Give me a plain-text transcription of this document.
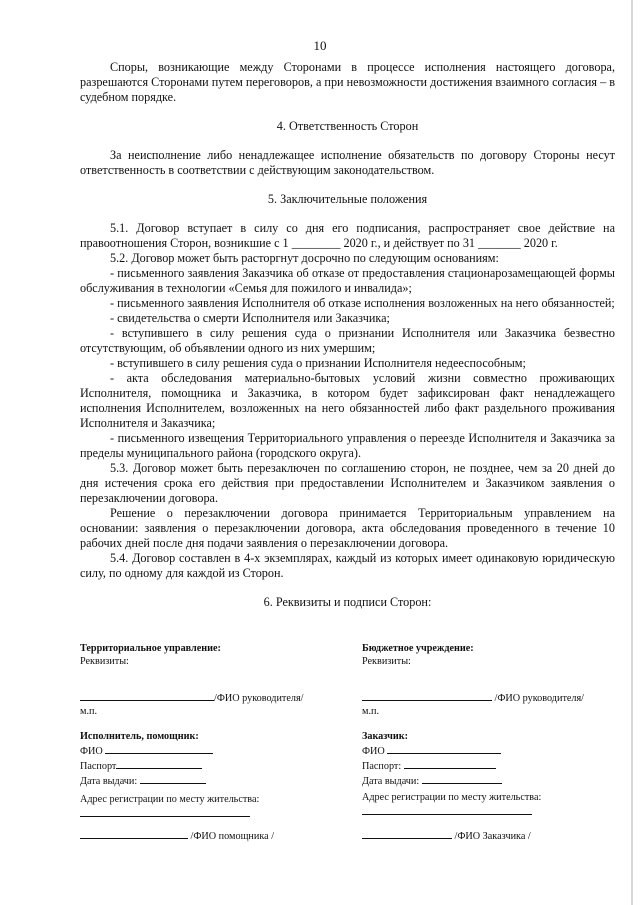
10

Споры, возникающие между Сторонами в процессе исполнения настоящего договора, разрешаются Сторонами путем переговоров, а при невозможности достижения взаимного согласия – в судебном порядке.

4. Ответственность Сторон

За неисполнение либо ненадлежащее исполнение обязательств по договору Стороны несут ответственность в соответствии с действующим законодательством.

5. Заключительные положения

5.1. Договор вступает в силу со дня его подписания, распространяет свое действие на правоотношения Сторон, возникшие с 1 ________ 2020 г., и действует по 31 _______ 2020 г.

5.2. Договор может быть расторгнут досрочно по следующим основаниям:

- письменного заявления Заказчика об отказе от предоставления стационарозамещающей формы обслуживания в технологии «Семья для пожилого и инвалида»;

- письменного заявления Исполнителя об отказе исполнения возложенных на него обязанностей;

- свидетельства о смерти Исполнителя или Заказчика;

- вступившего в силу решения суда о признании Исполнителя или Заказчика безвестно отсутствующим, об объявлении одного из них умершим;

- вступившего в силу решения суда о признании Исполнителя недееспособным;

- акта обследования материально-бытовых условий жизни совместно проживающих Исполнителя, помощника и Заказчика, в котором будет зафиксирован факт ненадлежащего исполнения Исполнителем, возложенных на него обязанностей либо факт раздельного проживания Исполнителя и Заказчика;

- письменного извещения Территориального управления о переезде Исполнителя и Заказчика за пределы муниципального района (городского округа).

5.3. Договор может быть перезаключен по соглашению сторон, не позднее, чем за 20 дней до дня истечения срока его действия при предоставлении Исполнителем и Заказчиком заявления о перезаключении договора.

Решение о перезаключении договора принимается Территориальным управлением на основании: заявления о перезаключении договора, акта обследования проведенного в течение 10 рабочих дней после дня подачи заявления о перезаключении договора.

5.4. Договор составлен в 4-х экземплярах, каждый из которых имеет одинаковую юридическую силу, по одному для каждой из Сторон.

6. Реквизиты и подписи Сторон:

Территориальное управление:
Реквизиты:
/ФИО руководителя/
м.п.
Бюджетное учреждение:
Реквизиты:
/ФИО руководителя/
м.п.
Исполнитель, помощник:
ФИО
Паспорт
Дата выдачи:
Заказчик:
ФИО
Паспорт:
Дата выдачи:
Адрес регистрации по месту жительства:	Адрес регистрации по месту жительства:
/ФИО помощника /	/ФИО Заказчика /
